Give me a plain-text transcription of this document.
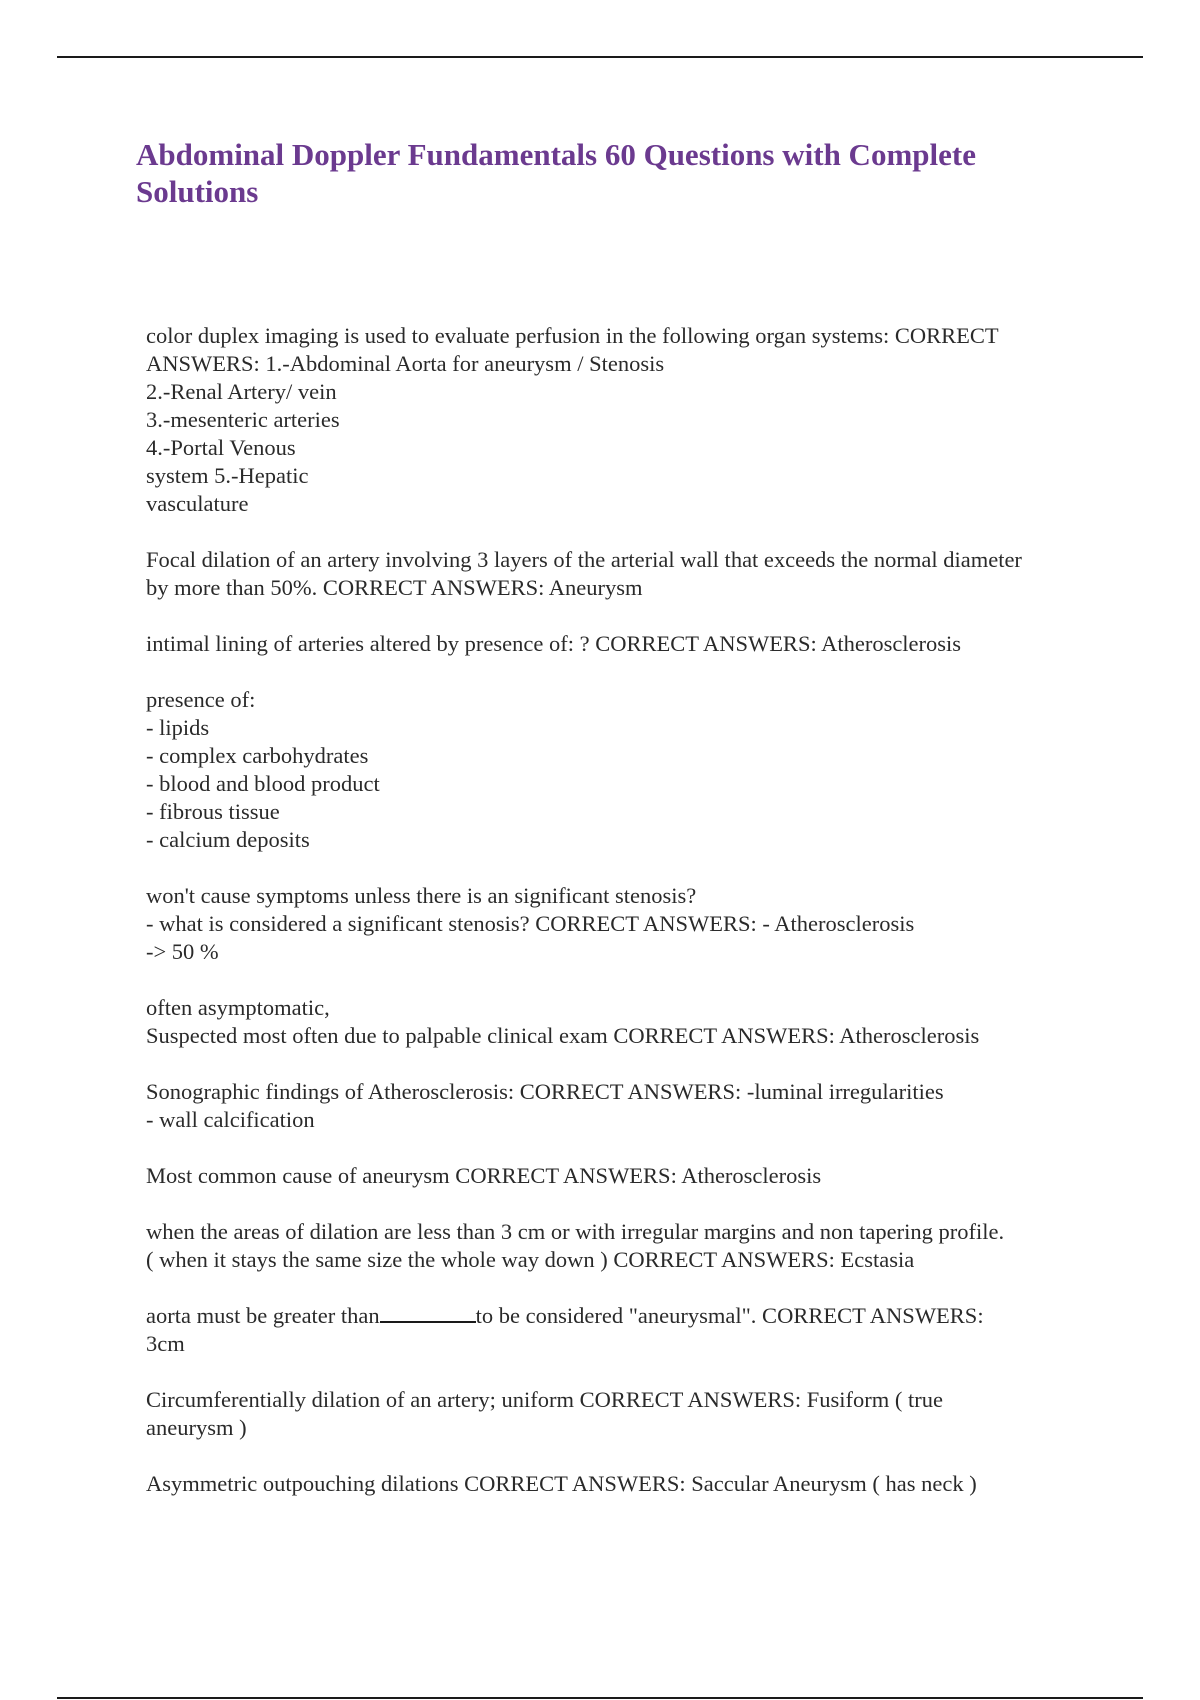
Abdominal Doppler Fundamentals 60 Questions with Complete Solutions

color duplex imaging is used to evaluate perfusion in the following organ systems: CORRECT
ANSWERS: 1.-Abdominal Aorta for aneurysm / Stenosis
2.-Renal Artery/ vein
3.-mesenteric arteries
4.-Portal Venous
system 5.-Hepatic
vasculature

Focal dilation of an artery involving 3 layers of the arterial wall that exceeds the normal diameter
by more than 50%. CORRECT ANSWERS: Aneurysm

intimal lining of arteries altered by presence of: ? CORRECT ANSWERS: Atherosclerosis

presence of:
- lipids
- complex carbohydrates
- blood and blood product
- fibrous tissue
- calcium deposits

won't cause symptoms unless there is an significant stenosis?
- what is considered a significant stenosis? CORRECT ANSWERS: - Atherosclerosis
-> 50 %

often asymptomatic,
Suspected most often due to palpable clinical exam CORRECT ANSWERS: Atherosclerosis

Sonographic findings of Atherosclerosis: CORRECT ANSWERS: -luminal irregularities
- wall calcification

Most common cause of aneurysm CORRECT ANSWERS: Atherosclerosis

when the areas of dilation are less than 3 cm or with irregular margins and non tapering profile.
( when it stays the same size the whole way down ) CORRECT ANSWERS: Ecstasia

aorta must be greater than	to be considered "aneurysmal". CORRECT ANSWERS:
3cm

Circumferentially dilation of an artery; uniform CORRECT ANSWERS: Fusiform ( true
aneurysm )

Asymmetric outpouching dilations CORRECT ANSWERS: Saccular Aneurysm ( has neck )
